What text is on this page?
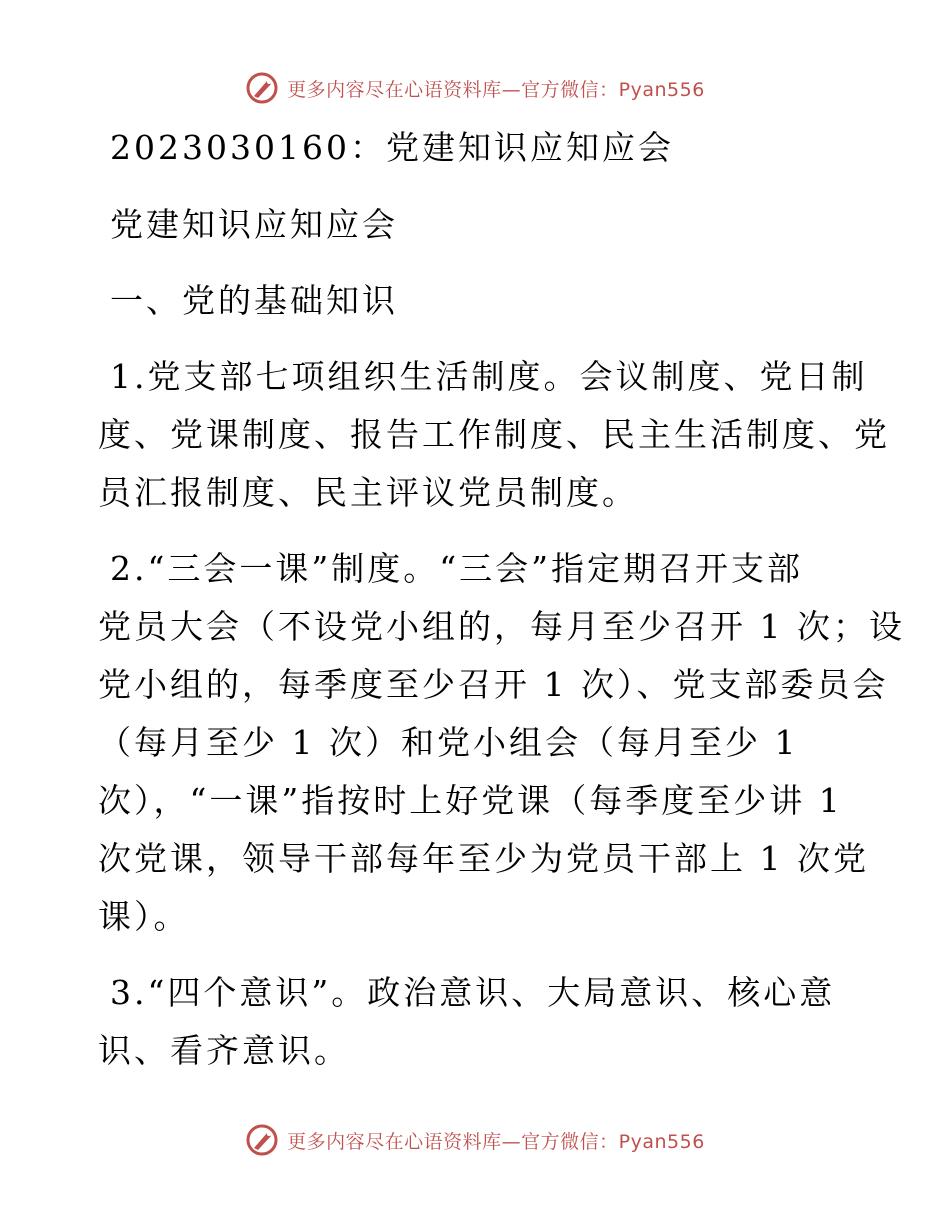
更多内容尽在心语资料库—官方微信：Pyan556

2023030160：党建知识应知应会

党建知识应知应会

一、党的基础知识

1.党支部七项组织生活制度。会议制度、党日制

度、党课制度、报告工作制度、民主生活制度、党

员汇报制度、民主评议党员制度。

2.“三会一课”制度。“三会”指定期召开支部

党员大会（不设党小组的，每月至少召开 1 次；设

党小组的，每季度至少召开 1 次）、党支部委员会

（每月至少 1 次）和党小组会（每月至少 1

次），“一课”指按时上好党课（每季度至少讲 1

次党课，领导干部每年至少为党员干部上 1 次党

课）。

3.“四个意识”。政治意识、大局意识、核心意

识、看齐意识。

更多内容尽在心语资料库—官方微信：Pyan556
